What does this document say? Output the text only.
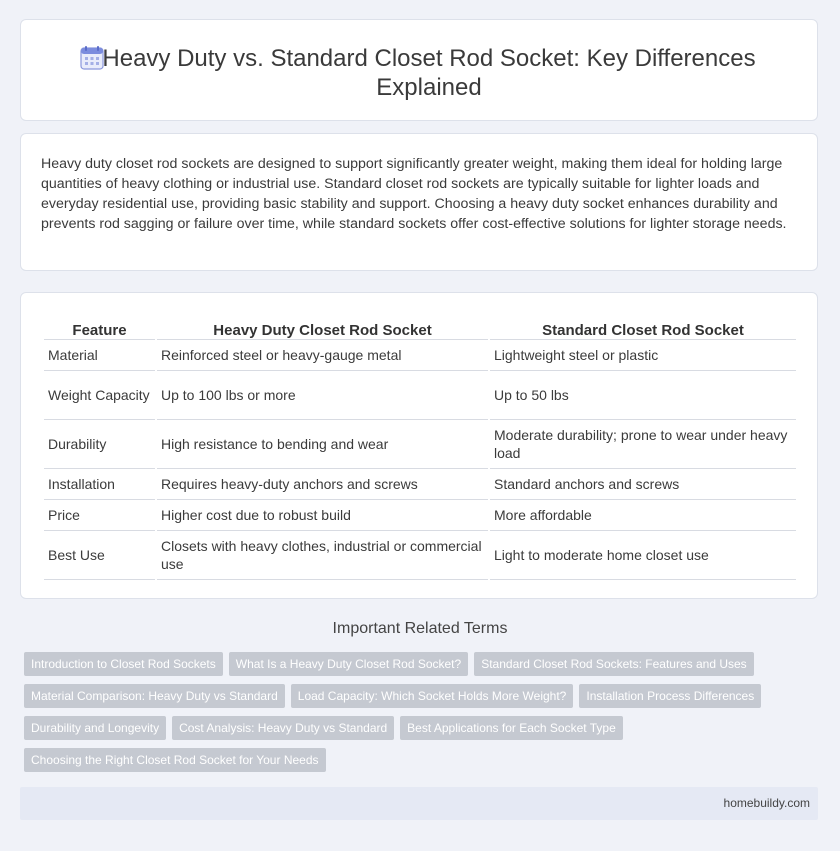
Heavy Duty vs. Standard Closet Rod Socket: Key Differences Explained

Heavy duty closet rod sockets are designed to support significantly greater weight, making them ideal for holding large quantities of heavy clothing or industrial use. Standard closet rod sockets are typically suitable for lighter loads and everyday residential use, providing basic stability and support. Choosing a heavy duty socket enhances durability and prevents rod sagging or failure over time, while standard sockets offer cost-effective solutions for lighter storage needs.

Feature	Heavy Duty Closet Rod Socket	Standard Closet Rod Socket
Material	Reinforced steel or heavy-gauge metal	Lightweight steel or plastic
Weight Capacity	Up to 100 lbs or more	Up to 50 lbs
Durability	High resistance to bending and wear	Moderate durability; prone to wear under heavy load
Installation	Requires heavy-duty anchors and screws	Standard anchors and screws
Price	Higher cost due to robust build	More affordable
Best Use	Closets with heavy clothes, industrial or commercial use	Light to moderate home closet use
Important Related Terms
Introduction to Closet Rod Sockets What Is a Heavy Duty Closet Rod Socket? Standard Closet Rod Sockets: Features and Uses
Material Comparison: Heavy Duty vs Standard Load Capacity: Which Socket Holds More Weight? Installation Process Differences
Durability and Longevity Cost Analysis: Heavy Duty vs Standard Best Applications for Each Socket Type
Choosing the Right Closet Rod Socket for Your Needs
homebuildy.com
